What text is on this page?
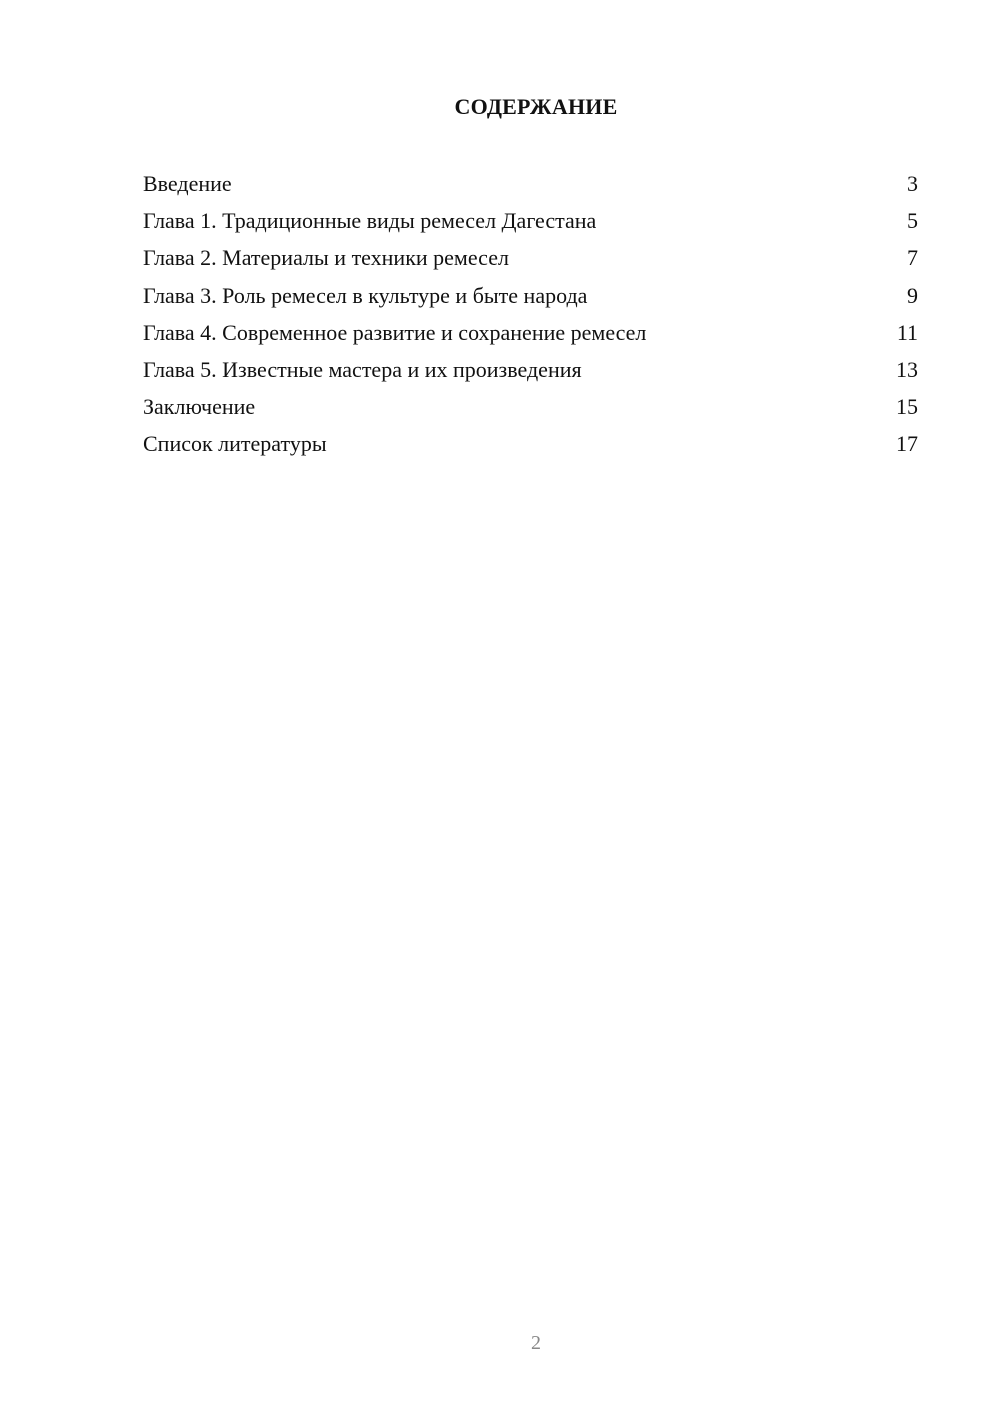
СОДЕРЖАНИЕ
Введение	3
Глава 1. Традиционные виды ремесел Дагестана	5
Глава 2. Материалы и техники ремесел	7
Глава 3. Роль ремесел в культуре и быте народа	9
Глава 4. Современное развитие и сохранение ремесел	11
Глава 5. Известные мастера и их произведения	13
Заключение	15
Список литературы	17
2
